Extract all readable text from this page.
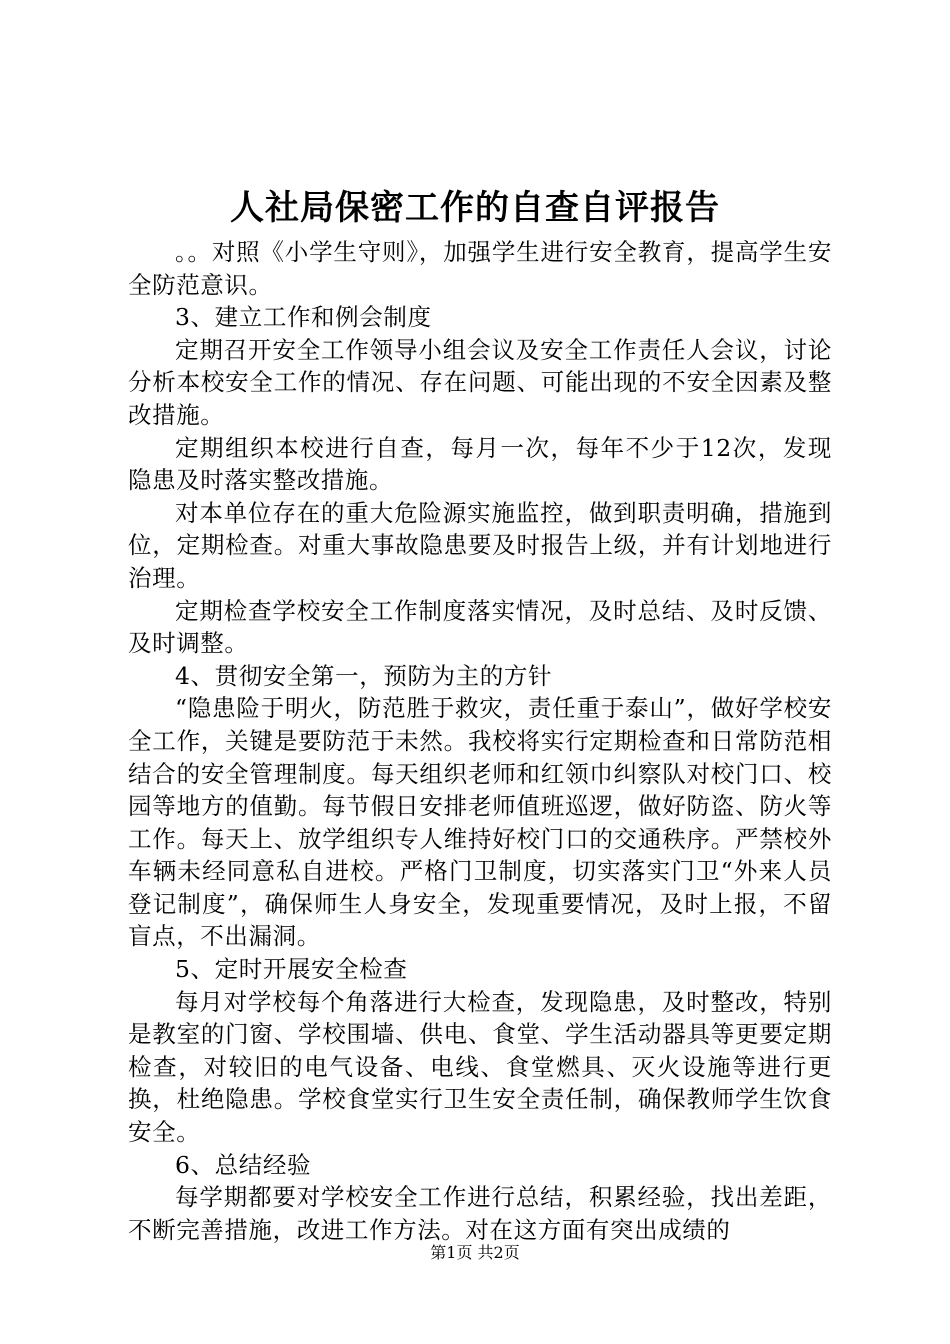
人社局保密工作的自查自评报告

。。对照《小学生守则》，加强学生进行安全教育，提高学生安全防范意识。

3、建立工作和例会制度

定期召开安全工作领导小组会议及安全工作责任人会议，讨论分析本校安全工作的情况、存在问题、可能出现的不安全因素及整改措施。

定期组织本校进行自查，每月一次，每年不少于12次，发现隐患及时落实整改措施。

对本单位存在的重大危险源实施监控，做到职责明确，措施到位，定期检查。对重大事故隐患要及时报告上级，并有计划地进行治理。

定期检查学校安全工作制度落实情况，及时总结、及时反馈、及时调整。

4、贯彻安全第一，预防为主的方针

“隐患险于明火，防范胜于救灾，责任重于泰山”，做好学校安全工作，关键是要防范于未然。我校将实行定期检查和日常防范相结合的安全管理制度。每天组织老师和红领巾纠察队对校门口、校园等地方的值勤。每节假日安排老师值班巡逻，做好防盗、防火等工作。每天上、放学组织专人维持好校门口的交通秩序。严禁校外车辆未经同意私自进校。严格门卫制度，切实落实门卫“外来人员登记制度”，确保师生人身安全，发现重要情况，及时上报，不留盲点，不出漏洞。

5、定时开展安全检查

每月对学校每个角落进行大检查，发现隐患，及时整改，特别是教室的门窗、学校围墙、供电、食堂、学生活动器具等更要定期检查，对较旧的电气设备、电线、食堂燃具、灭火设施等进行更换，杜绝隐患。学校食堂实行卫生安全责任制，确保教师学生饮食安全。

6、总结经验

每学期都要对学校安全工作进行总结，积累经验，找出差距，不断完善措施，改进工作方法。对在这方面有突出成绩的

第1页 共2页
